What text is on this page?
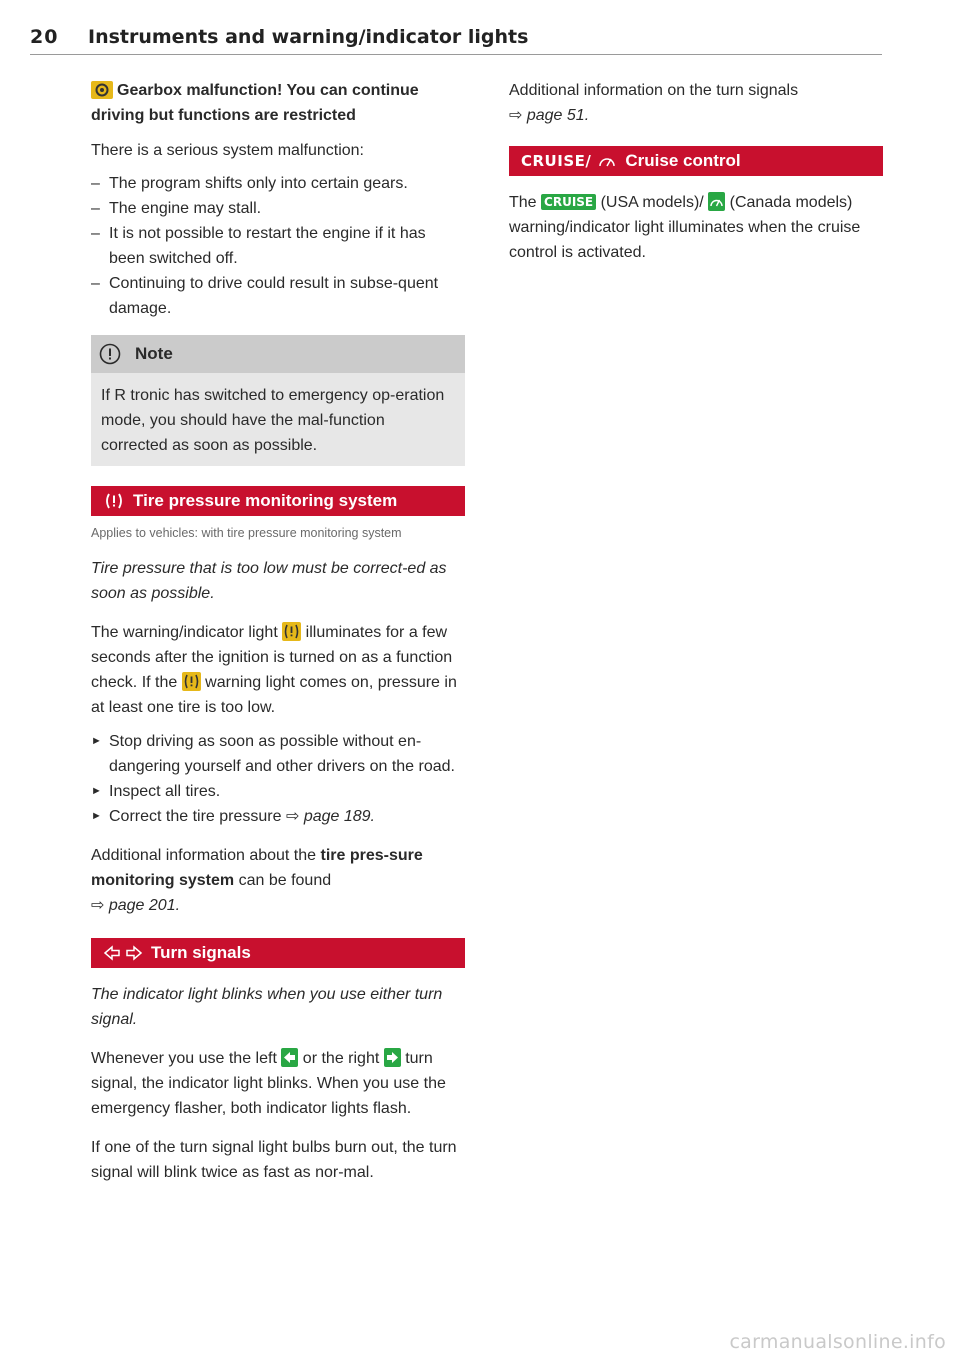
20 Instruments and warning/indicator lights

Gearbox malfunction! You can continue driving but functions are restricted

There is a serious system malfunction:

– The program shifts only into certain gears.
– The engine may stall.
– It is not possible to restart the engine if it has been switched off.
– Continuing to drive could result in subse-quent damage.
Note
If R tronic has switched to emergency op-eration mode, you should have the mal-function corrected as soon as possible.
Tire pressure monitoring system
Applies to vehicles: with tire pressure monitoring system

Tire pressure that is too low must be correct-ed as soon as possible.

The warning/indicator light illuminates for a few seconds after the ignition is turned on as a function check. If the warning light comes on, pressure in at least one tire is too low.

► Stop driving as soon as possible without en-dangering yourself and other drivers on the road.
► Inspect all tires.
► Correct the tire pressure ⇨ page 189.

Additional information about the tire pres-sure monitoring system can be found
⇨ page 201.

Turn signals

The indicator light blinks when you use either turn signal.

Whenever you use the left or the right turn signal, the indicator light blinks. When you use the emergency flasher, both indicator lights flash.

If one of the turn signal light bulbs burn out, the turn signal will blink twice as fast as nor-mal.

Additional information on the turn signals
⇨ page 51.

CRUISE/ Cruise control

The CRUISE (USA models)/ (Canada models) warning/indicator light illuminates when the cruise control is activated.

carmanualsonline.info
